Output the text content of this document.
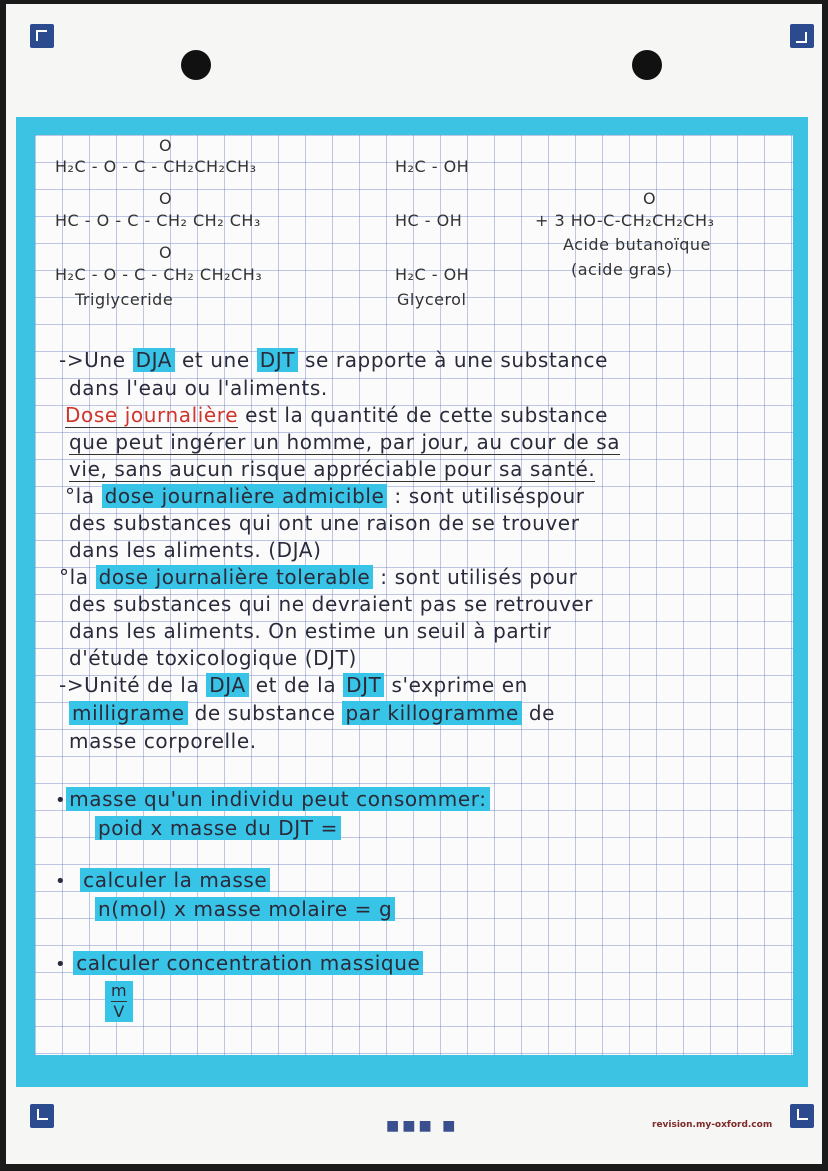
O
H₂C - O - C - CH₂CH₂CH₃
O
HC - O - C - CH₂ CH₂ CH₃
O
H₂C - O - C - CH₂ CH₂CH₃
Triglyceride
H₂C - OH
HC - OH
H₂C - OH
Glycerol
O
+ 3 HO-C-CH₂CH₂CH₃
Acide butanoïque
(acide gras)
->Une DJA et une DJT se rapporte à une substance
dans l'eau ou l'aliments.
Dose journalière est la quantité de cette substance
que peut ingérer un homme, par jour, au cour de sa
vie, sans aucun risque appréciable pour sa santé.
°la dose journalière admicible : sont utiliséspour
des substances qui ont une raison de se trouver
dans les aliments. (DJA)
°la dose journalière tolerable : sont utilisés pour
des substances qui ne devraient pas se retrouver
dans les aliments. On estime un seuil à partir
d'étude toxicologique (DJT)
->Unité de la DJA et de la DJT s'exprime en
milligrame de substance par killogramme de
masse corporelle.
• masse qu'un individu peut consommer:
poid x masse du DJT =
• calculer la masse
n(mol) x masse molaire = g
• calculer concentration massique
m
V
■■■ ■	revision.my-oxford.com
